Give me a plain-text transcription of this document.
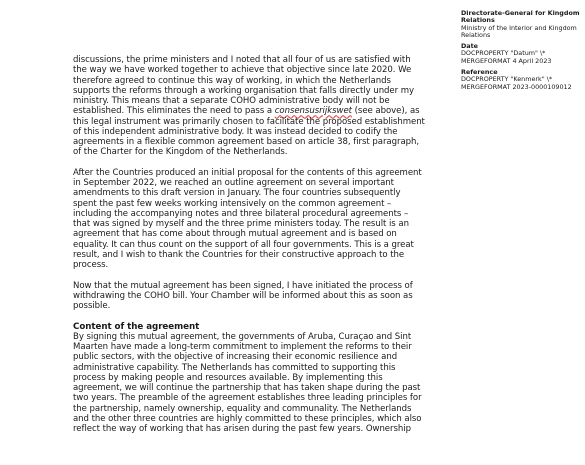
discussions, the prime ministers and I noted that all four of us are satisfied with
the way we have worked together to achieve that objective since late 2020. We
therefore agreed to continue this way of working, in which the Netherlands
supports the reforms through a working organisation that falls directly under my
ministry. This means that a separate COHO administrative body will not be
established. This eliminates the need to pass a consensusrijkswet (see above), as
this legal instrument was primarily chosen to facilitate the proposed establishment
of this independent administrative body. It was instead decided to codify the
agreements in a flexible common agreement based on article 38, first paragraph,
of the Charter for the Kingdom of the Netherlands.

After the Countries produced an initial proposal for the contents of this agreement
in September 2022, we reached an outline agreement on several important
amendments to this draft version in January. The four countries subsequently
spent the past few weeks working intensively on the common agreement –
including the accompanying notes and three bilateral procedural agreements –
that was signed by myself and the three prime ministers today. The result is an
agreement that has come about through mutual agreement and is based on
equality. It can thus count on the support of all four governments. This is a great
result, and I wish to thank the Countries for their constructive approach to the
process.

Now that the mutual agreement has been signed, I have initiated the process of
withdrawing the COHO bill. Your Chamber will be informed about this as soon as
possible.

Content of the agreement
By signing this mutual agreement, the governments of Aruba, Curaçao and Sint
Maarten have made a long-term commitment to implement the reforms to their
public sectors, with the objective of increasing their economic resilience and
administrative capability. The Netherlands has committed to supporting this
process by making people and resources available. By implementing this
agreement, we will continue the partnership that has taken shape during the past
two years. The preamble of the agreement establishes three leading principles for
the partnership, namely ownership, equality and communality. The Netherlands
and the other three countries are highly committed to these principles, which also
reflect the way of working that has arisen during the past few years. Ownership
Directorate-General for Kingdom Relations
Ministry of the Interior and Kingdom Relations
Date
DOCPROPERTY "Datum" \* MERGEFORMAT 4 April 2023
Reference
DOCPROPERTY "Kenmerk" \* MERGEFORMAT 2023-0000109012
